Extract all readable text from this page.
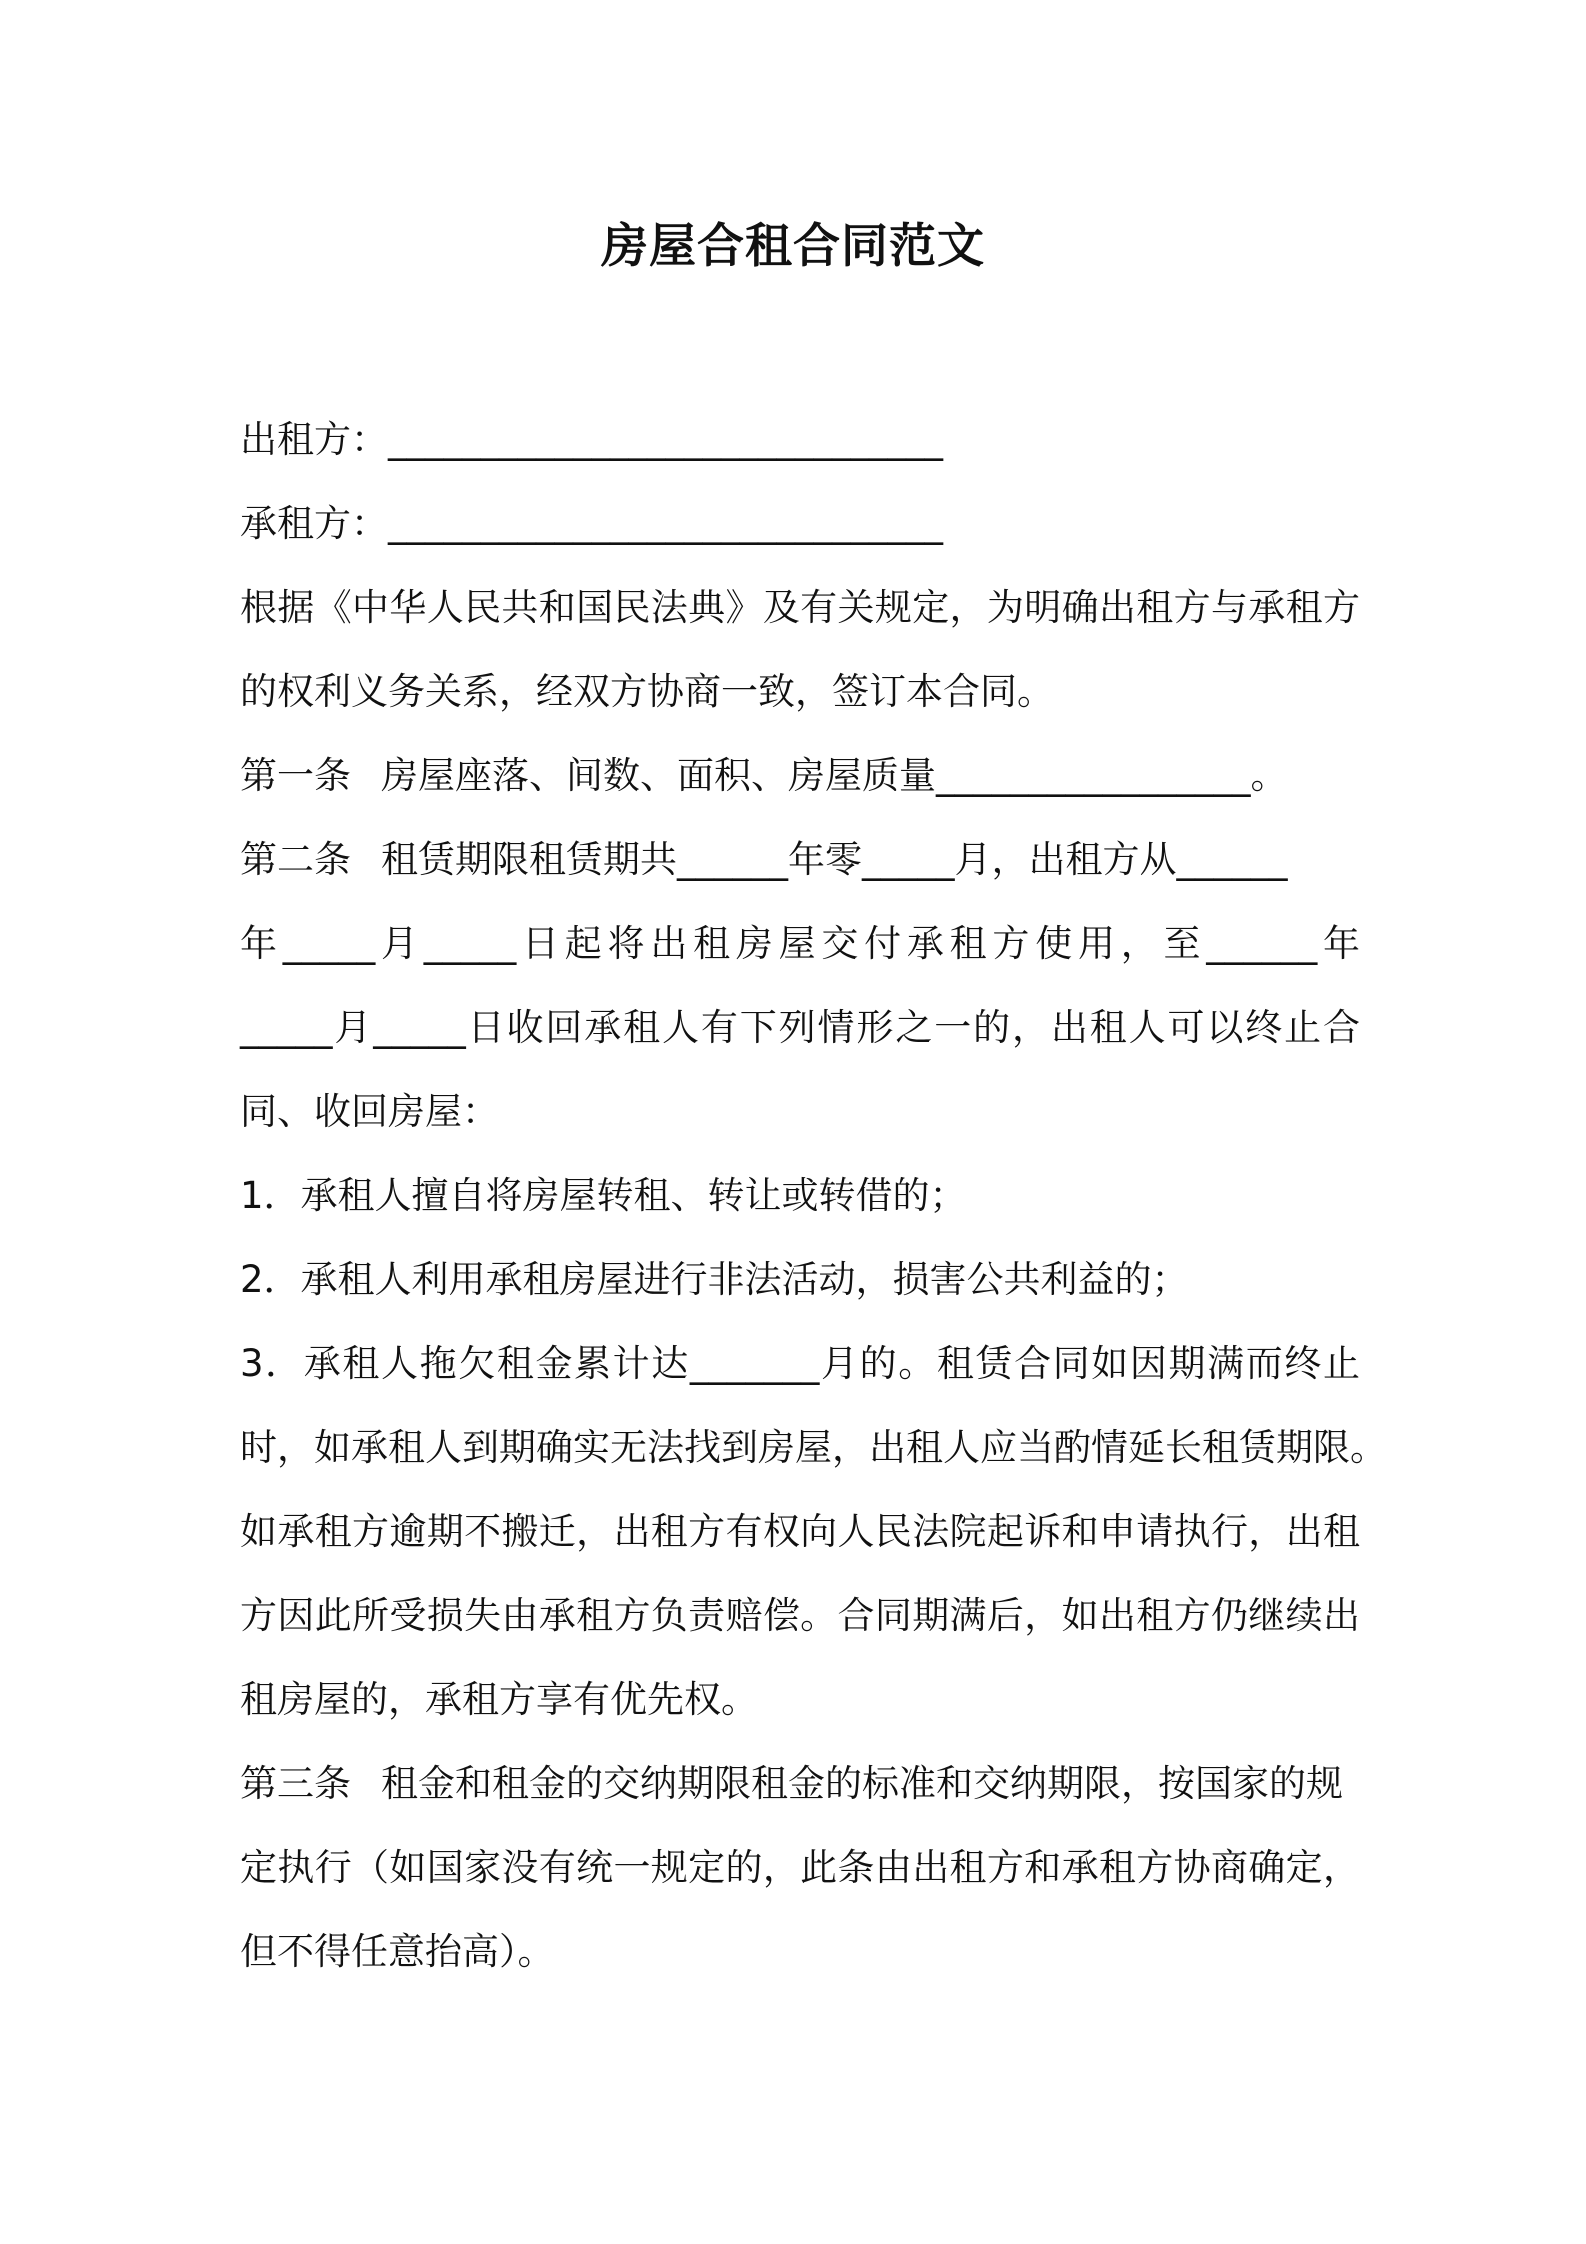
房屋合租合同范文
出租方：______________________________
承租方：______________________________
根据《中华人民共和国民法典》及有关规定，为明确出租方与承租方
的权利义务关系，经双方协商一致，签订本合同。
第一条 房屋座落、间数、面积、房屋质量_________________。
第二条 租赁期限租赁期共______年零_____月，出租方从______
年_____月_____日起将出租房屋交付承租方使用，至______年
_____月_____日收回承租人有下列情形之一的，出租人可以终止合
同、收回房屋：
1．承租人擅自将房屋转租、转让或转借的；
2．承租人利用承租房屋进行非法活动，损害公共利益的；
3．承租人拖欠租金累计达_______月的。租赁合同如因期满而终止
时，如承租人到期确实无法找到房屋，出租人应当酌情延长租赁期限。
如承租方逾期不搬迁，出租方有权向人民法院起诉和申请执行，出租
方因此所受损失由承租方负责赔偿。合同期满后，如出租方仍继续出
租房屋的，承租方享有优先权。
第三条 租金和租金的交纳期限租金的标准和交纳期限，按国家的规
定执行（如国家没有统一规定的，此条由出租方和承租方协商确定，
但不得任意抬高）。
